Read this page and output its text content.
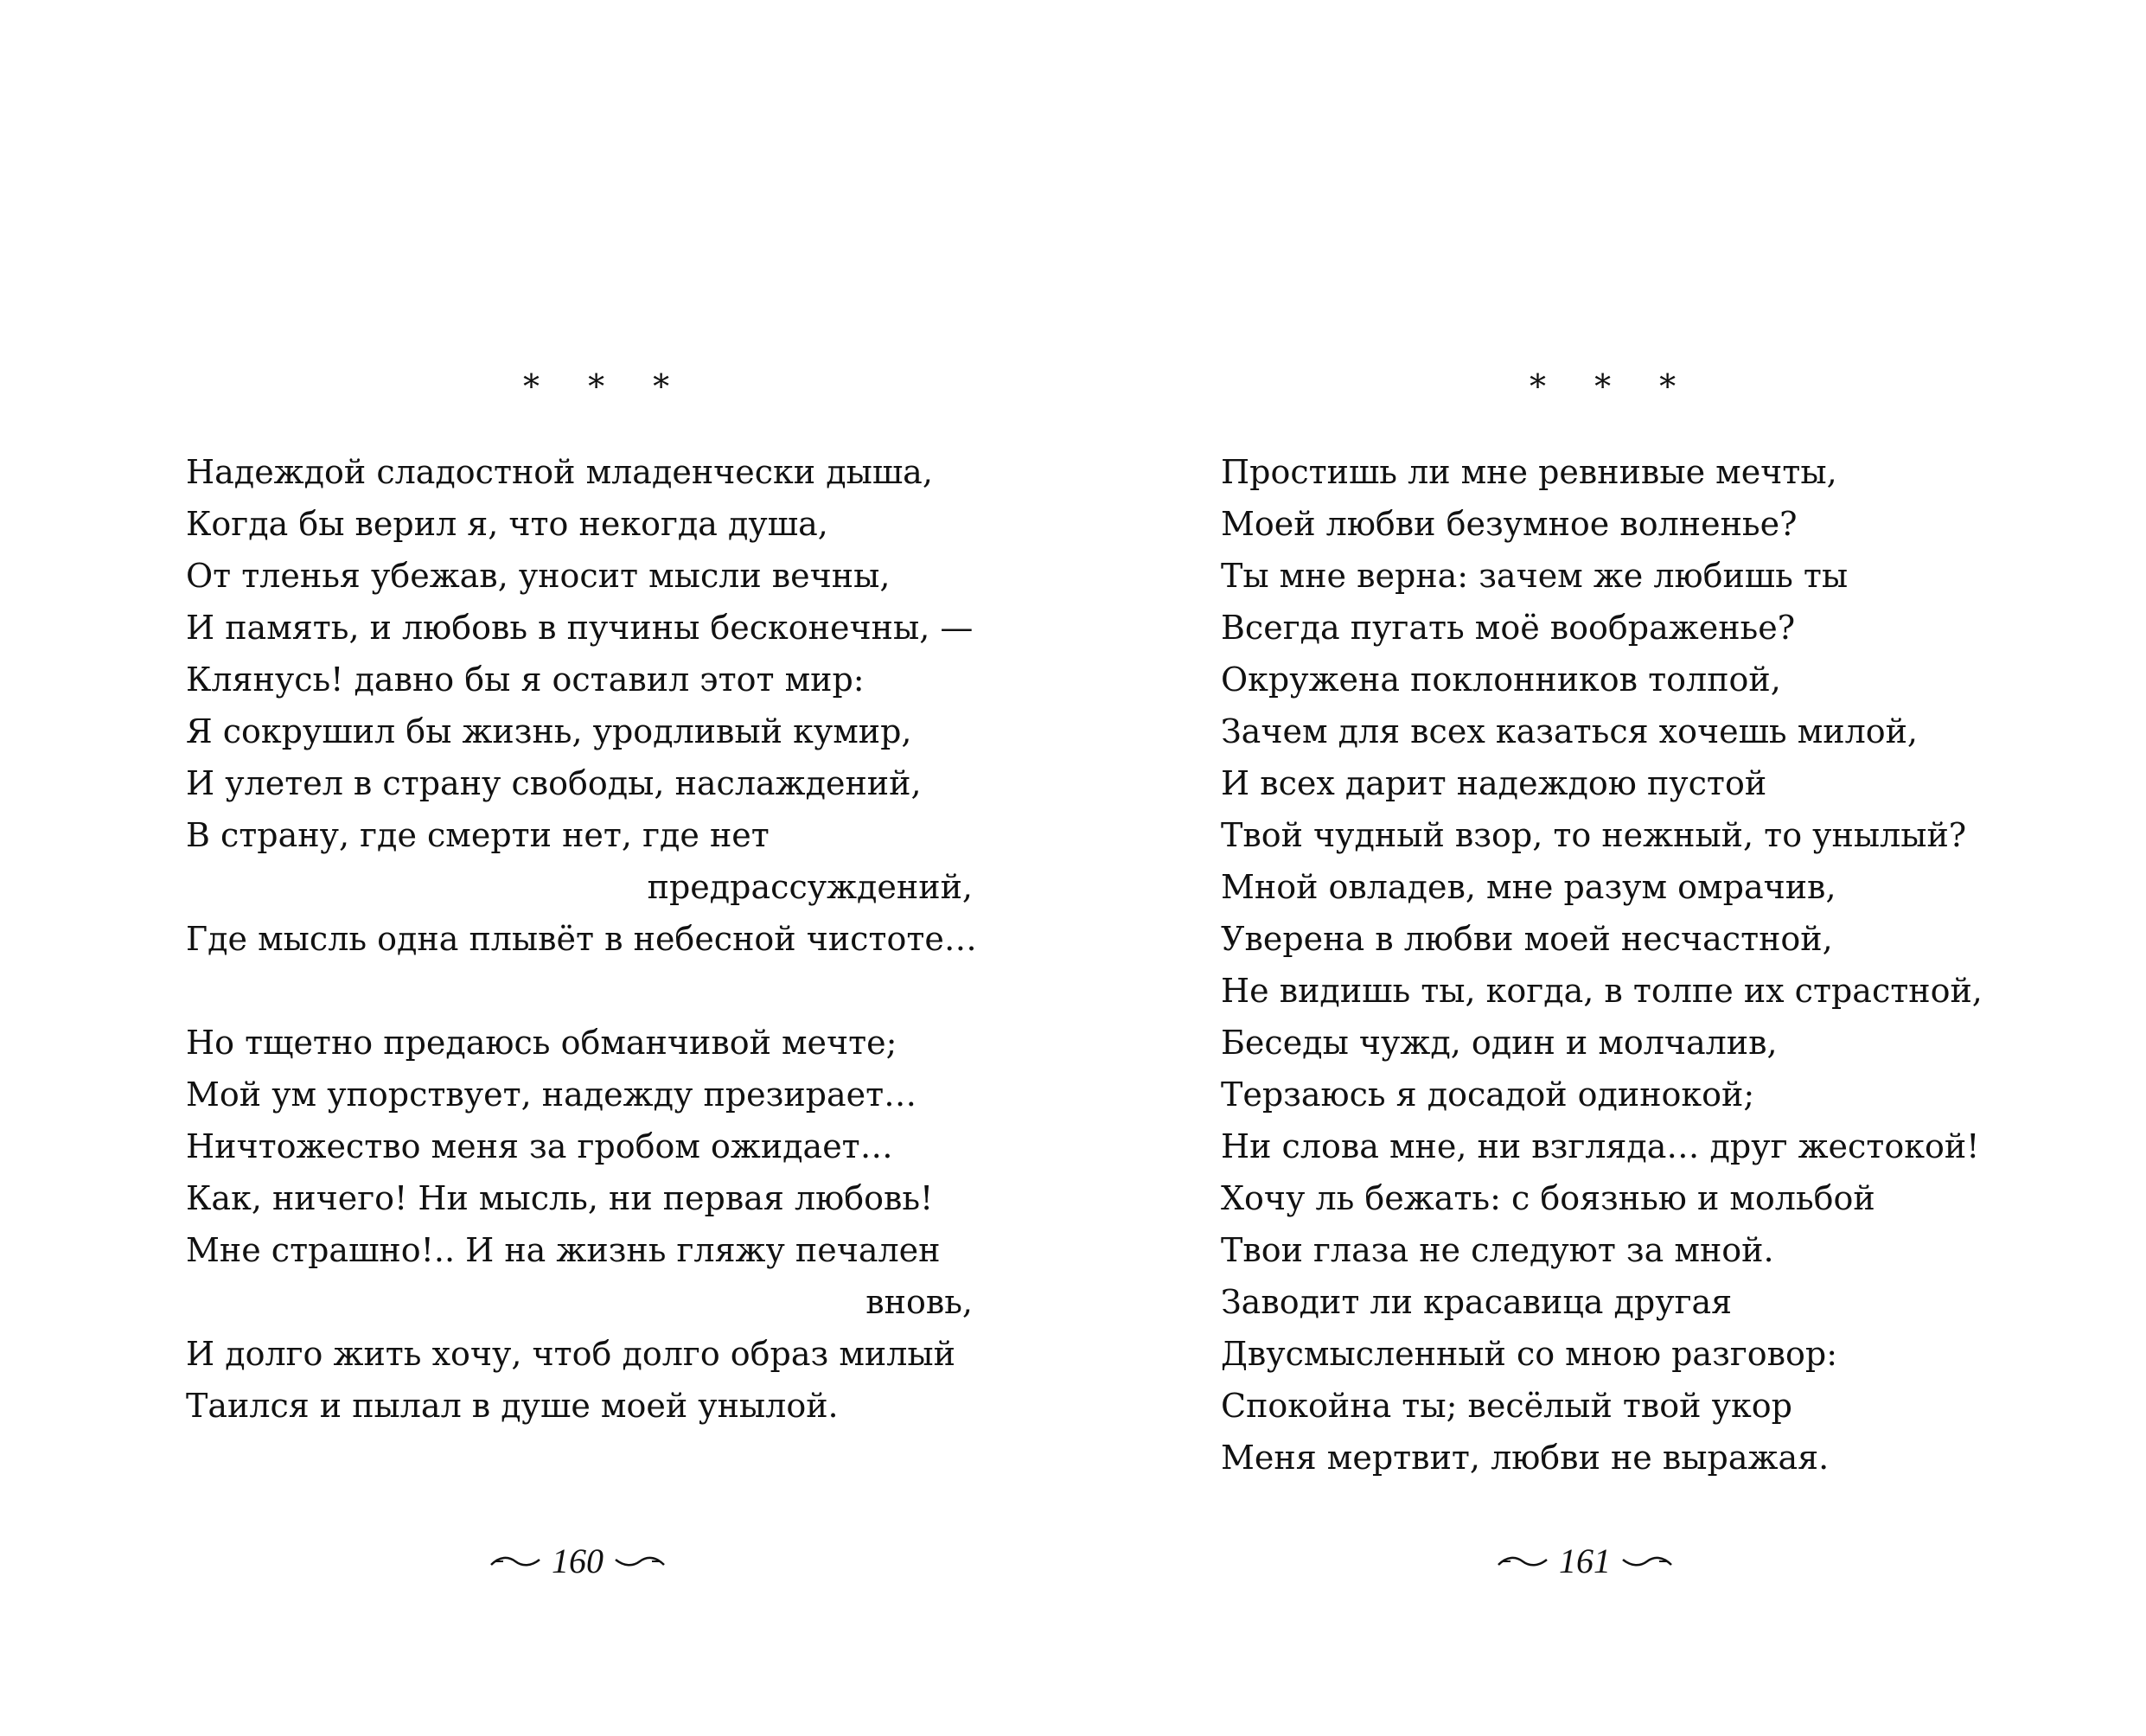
* * *
Надеждой сладостной младенчески дыша,
Когда бы верил я, что некогда душа,
От тленья убежав, уносит мысли вечны,
И память, и любовь в пучины бесконечны, —
Клянусь! давно бы я оставил этот мир:
Я сокрушил бы жизнь, уродливый кумир,
И улетел в страну свободы, наслаждений,
В страну, где смерти нет, где нет
предрассуждений,
Где мысль одна плывёт в небесной чистоте…
Но тщетно предаюсь обманчивой мечте;
Мой ум упорствует, надежду презирает…
Ничтожество меня за гробом ожидает…
Как, ничего! Ни мысль, ни первая любовь!
Мне страшно!.. И на жизнь гляжу печален
вновь,
И долго жить хочу, чтоб долго образ милый
Таился и пылал в душе моей унылой.
160
* * *
Простишь ли мне ревнивые мечты,
Моей любви безумное волненье?
Ты мне верна: зачем же любишь ты
Всегда пугать моё воображенье?
Окружена поклонников толпой,
Зачем для всех казаться хочешь милой,
И всех дарит надеждою пустой
Твой чудный взор, то нежный, то унылый?
Мной овладев, мне разум омрачив,
Уверена в любви моей несчастной,
Не видишь ты, когда, в толпе их страстной,
Беседы чужд, один и молчалив,
Терзаюсь я досадой одинокой;
Ни слова мне, ни взгляда… друг жестокой!
Хочу ль бежать: с боязнью и мольбой
Твои глаза не следуют за мной.
Заводит ли красавица другая
Двусмысленный со мною разговор:
Спокойна ты; весёлый твой укор
Меня мертвит, любви не выражая.
161
